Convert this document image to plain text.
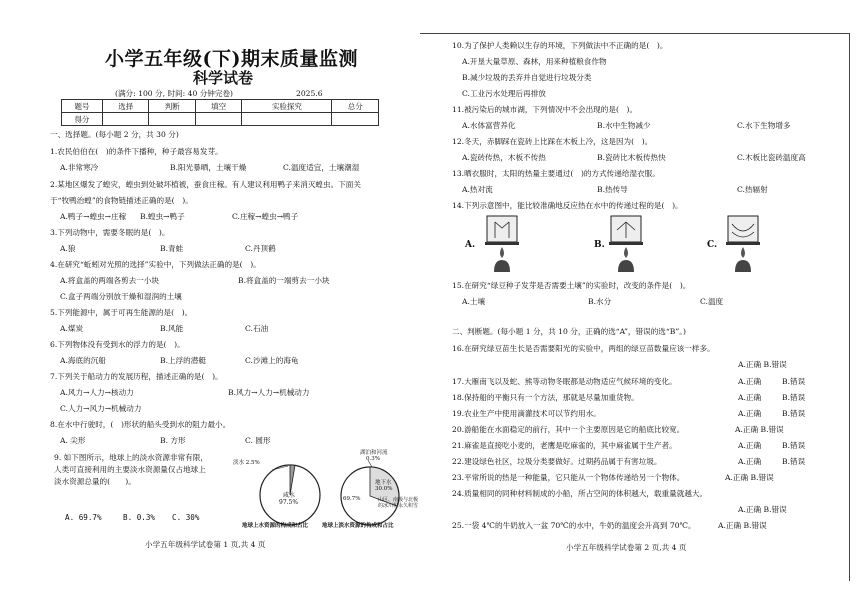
小学五年级(下)期末质量监测
科学试卷
(满分: 100 分, 时间: 40 分钟完卷)	2025.6
题号	选择	判断	填空	实验探究	总分
得分					
一、选择题。(每小题 2 分，共 30 分)
1.农民伯伯在(　)的条件下播种，种子最容易发芽。
A.非常寒冷	B.阳光暴晒，土壤干燥	C.温度适宜，土壤潮湿
2.某地区爆发了蝗灾，蝗虫到处破坏植被，蚕食庄稼。有人建议利用鸭子来消灭蝗虫。下面关
于“牧鸭治蝗”的食物链描述正确的是(　)。
A.鸭子→蝗虫→庄稼 B.蝗虫→鸭子	C.庄稼→蝗虫→鸭子
3.下列动物中，需要冬眠的是(　)。
A.狼	B.青蛙	C.丹顶鹤
4.在研究“蚯蚓对光照的选择”实验中，下列做法正确的是(　)。
A.将盒盖的两端各剪去一小块	B.将盒盖的一端剪去一小块
C.盒子两端分别放干燥和湿润的土壤
5.下列能源中，属于可再生能源的是(　)。
A.煤炭	B.风能	C.石油
6.下列物体没有受到水的浮力的是(　)。
A.海底的沉船	B.上浮的潜艇	C.沙滩上的海龟
7.下列关于船动力的发展历程，描述正确的是(　)。
A.风力→人力→核动力	B.风力→人力→机械动力
C.人力→风力→机械动力
8.在水中行驶时，(　)形状的船头受到水的阻力最小。
A. 尖形	B. 方形	C. 圆形
9. 如下图所示，地球上的淡水资源非常有限，
人类可直接利用的主要淡水资源量仅占地球上
淡水资源总量的(　　)。
A. 69.7%	B. 0.3% C. 30%
淡水 2.5%
咸水
97.5%
地球上水资源的构成和占比
湖泊和河流
0.3%
地下水
30.0%
69.7%	山区、南极与北极的冰川和永久积雪
地球上淡水资源的构成和占比
小学五年级科学试卷第 1 页,共 4 页
10.为了保护人类赖以生存的环境，下列做法中不正确的是(　)。
A.开垦大量草原、森林，用来种植粮食作物
B.减少垃圾的丢弃并自觉进行垃圾分类
C.工业污水处理后再排放
11.被污染后的城市湖，下列情况中不会出现的是(　)。
A.水体富营养化	B.水中生物减少	C.水下生物增多
12.冬天，赤脚踩在瓷砖上比踩在木板上冷，这是因为(　)。
A.瓷砖传热，木板不传热	B.瓷砖比木板传热快	C.木板比瓷砖温度高
13.晒衣服时，太阳的热量主要通过(　)的方式传递给湿衣服。
A.热对流	B.热传导	C.热辐射
14.下列示意图中，能比较准确地反应热在水中的传递过程的是(　)。
A.	B.	C.
15.在研究“绿豆种子发芽是否需要土壤”的实验时，改变的条件是(　)。
A.土壤	B.水分	C.温度
二、判断题。(每小题 1 分，共 10 分，正确的选“A”，错误的选“B”。)
16.在研究绿豆苗生长是否需要阳光的实验中，两组的绿豆苗数量应该一样多。
A.正确 B.错误
17.大雁南飞以及蛇、熊等动物冬眠都是动物适应气候环境的变化。	A.正确	B.错误
18.保持船的平衡只有一个方法，那就是尽量加重货物。	A.正确	B.错误
19.农业生产中使用滴灌技术可以节约用水。	A.正确	B.错误
20.游船能在水面稳定的前行，其中一个主要原因是它的船底比较宽。	A.正确 B.错误
21.麻雀是直接吃小麦的，老鹰是吃麻雀的，其中麻雀属于生产者。	A.正确	B.错误
22.建设绿色社区，垃圾分类要做好。过期药品属于有害垃圾。	A.正确	B.错误
23.平常所说的热是一种能量，它只能从一个物体传递给另一个物体。	A.正确 B.错误
24.质量相同的同种材料制成的小船，所占空间的体积越大，载重量就越大。
A.正确 B.错误
25.一袋 4℃的牛奶放入一盆 70℃的水中，牛奶的温度会升高到 70℃。	A.正确 B.错误
小学五年级科学试卷第 2 页,共 4 页
